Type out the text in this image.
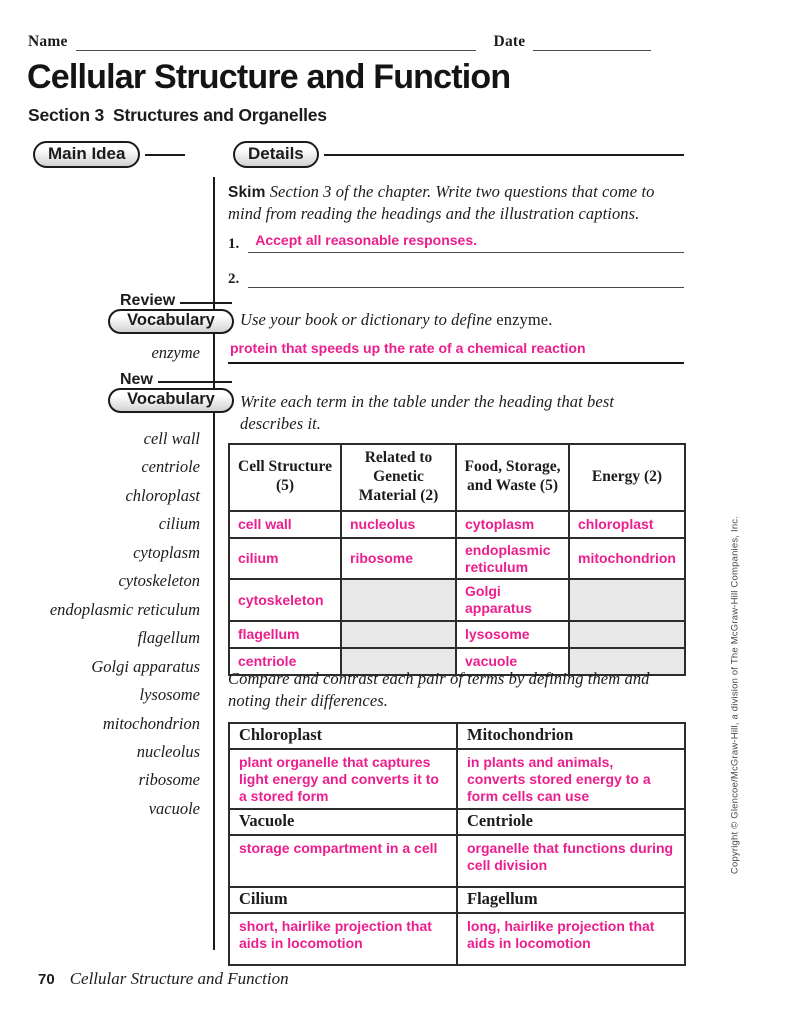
Name	Date
Cellular Structure and Function
Section 3 Structures and Organelles
Main Idea	Details

Skim Section 3 of the chapter. Write two questions that come to mind from reading the headings and the illustration captions.

1.	Accept all reasonable responses.
2.
Review
Vocabulary	Use your book or dictionary to define enzyme.

enzyme protein that speeds up the rate of a chemical reaction
New
Vocabulary	Write each term in the table under the heading that best describes it.

cell wall
centriole
chloroplast
cilium
cytoplasm
cytoskeleton
endoplasmic reticulum
flagellum
Golgi apparatus
lysosome
mitochondrion
nucleolus
ribosome
vacuole
Cell Structure (5)	Related to Genetic Material (2)	Food, Storage, and Waste (5)	Energy (2)
cell wall	nucleolus	cytoplasm	chloroplast
cilium	ribosome	endoplasmic reticulum	mitochondrion
cytoskeleton		Golgi apparatus	
flagellum		lysosome	
centriole		vacuole	

Compare and contrast each pair of terms by defining them and noting their differences.

Chloroplast	Mitochondrion
plant organelle that captures light energy and converts it to a stored form	in plants and animals, converts stored energy to a form cells can use
Vacuole	Centriole
storage compartment in a cell	organelle that functions during cell division
Cilium	Flagellum
short, hairlike projection that aids in locomotion	long, hairlike projection that aids in locomotion
Copyright © Glencoe/McGraw-Hill, a division of The McGraw-Hill Companies, Inc.
70 Cellular Structure and Function
